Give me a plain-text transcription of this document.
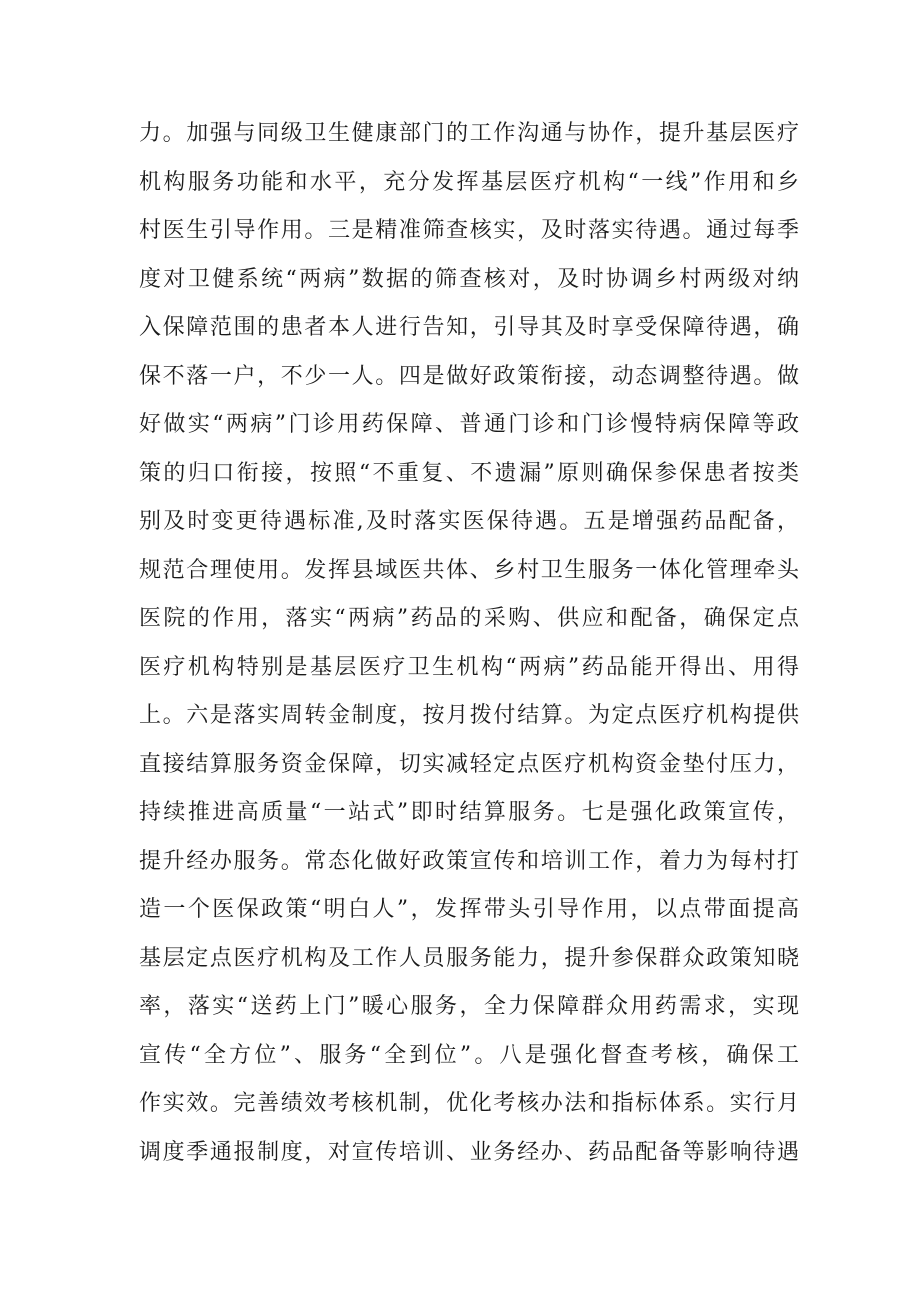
力。加强与同级卫生健康部门的工作沟通与协作，提升基层医疗
机构服务功能和水平，充分发挥基层医疗机构“一线”作用和乡
村医生引导作用。三是精准筛查核实，及时落实待遇。通过每季
度对卫健系统“两病”数据的筛查核对，及时协调乡村两级对纳
入保障范围的患者本人进行告知，引导其及时享受保障待遇，确
保不落一户，不少一人。四是做好政策衔接，动态调整待遇。做
好做实“两病”门诊用药保障、普通门诊和门诊慢特病保障等政
策的归口衔接，按照“不重复、不遗漏”原则确保参保患者按类
别及时变更待遇标准,及时落实医保待遇。五是增强药品配备，
规范合理使用。发挥县域医共体、乡村卫生服务一体化管理牵头
医院的作用，落实“两病”药品的采购、供应和配备，确保定点
医疗机构特别是基层医疗卫生机构“两病”药品能开得出、用得
上。六是落实周转金制度，按月拨付结算。为定点医疗机构提供
直接结算服务资金保障，切实减轻定点医疗机构资金垫付压力，
持续推进高质量“一站式”即时结算服务。七是强化政策宣传，
提升经办服务。常态化做好政策宣传和培训工作，着力为每村打
造一个医保政策“明白人”，发挥带头引导作用，以点带面提高
基层定点医疗机构及工作人员服务能力，提升参保群众政策知晓
率，落实“送药上门”暖心服务，全力保障群众用药需求，实现
宣传“全方位”、服务“全到位”。八是强化督查考核，确保工
作实效。完善绩效考核机制，优化考核办法和指标体系。实行月
调度季通报制度，对宣传培训、业务经办、药品配备等影响待遇
